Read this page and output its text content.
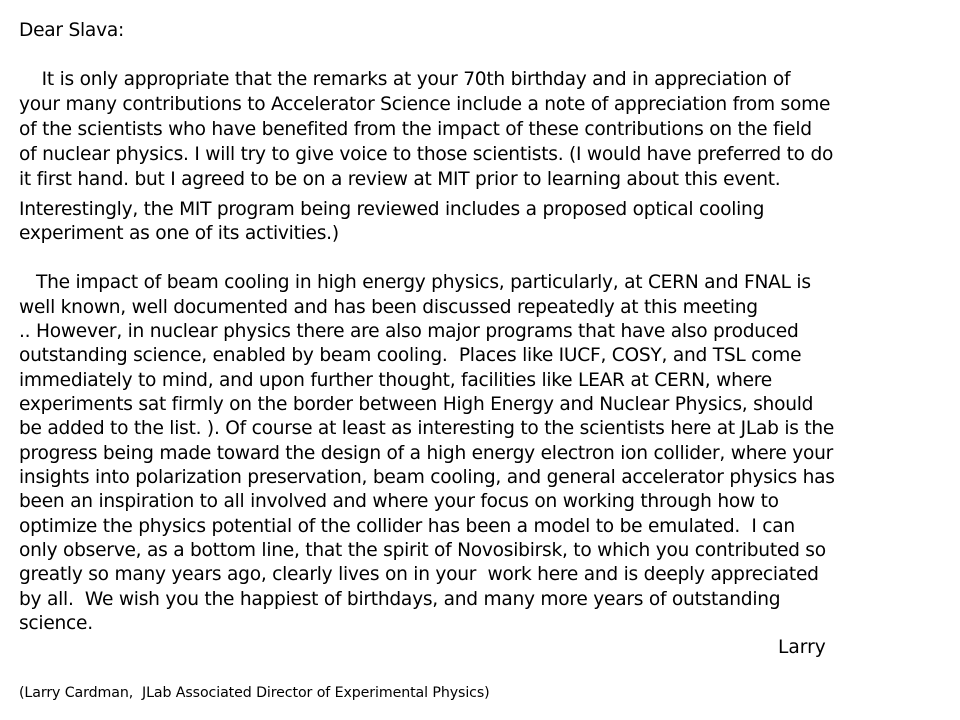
Dear Slava:

It is only appropriate that the remarks at your 70th birthday and in appreciation of

your many contributions to Accelerator Science include a note of appreciation from some

of the scientists who have benefited from the impact of these contributions on the field

of nuclear physics. I will try to give voice to those scientists. (I would have preferred to do

it first hand. but I agreed to be on a review at MIT prior to learning about this event.

Interestingly, the MIT program being reviewed includes a proposed optical cooling

experiment as one of its activities.)

The impact of beam cooling in high energy physics, particularly, at CERN and FNAL is

well known, well documented and has been discussed repeatedly at this meeting

.. However, in nuclear physics there are also major programs that have also produced

outstanding science, enabled by beam cooling.  Places like IUCF, COSY, and TSL come

immediately to mind, and upon further thought, facilities like LEAR at CERN, where

experiments sat firmly on the border between High Energy and Nuclear Physics, should

be added to the list. ). Of course at least as interesting to the scientists here at JLab is the

progress being made toward the design of a high energy electron ion collider, where your

insights into polarization preservation, beam cooling, and general accelerator physics has

been an inspiration to all involved and where your focus on working through how to

optimize the physics potential of the collider has been a model to be emulated.  I can

only observe, as a bottom line, that the spirit of Novosibirsk, to which you contributed so

greatly so many years ago, clearly lives on in your  work here and is deeply appreciated

by all.  We wish you the happiest of birthdays, and many more years of outstanding

science.

Larry

(Larry Cardman,  JLab Associated Director of Experimental Physics)
